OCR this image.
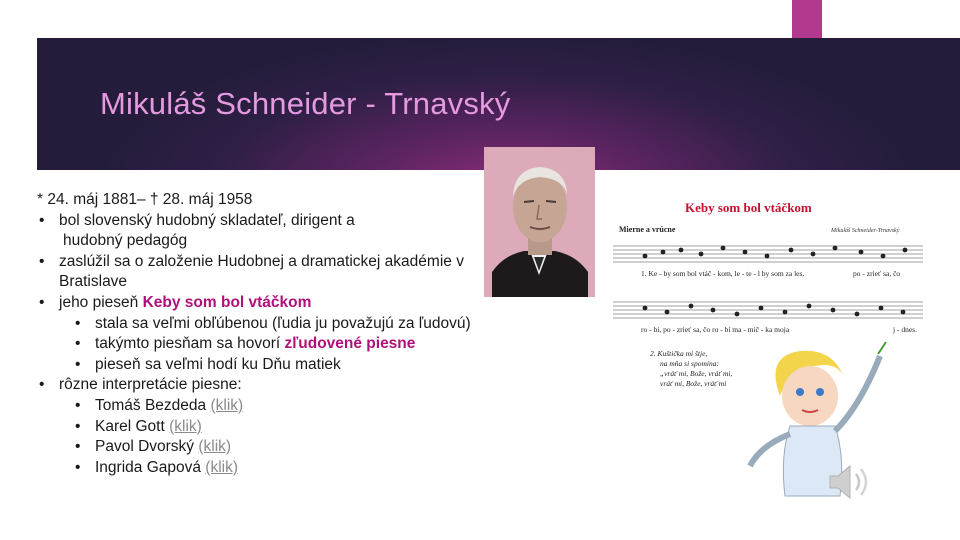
Mikuláš Schneider - Trnavský
* 24. máj 1881– † 28. máj 1958
• bol slovenský hudobný skladateľ, dirigent a
hudobný pedagóg
• zaslúžil sa o založenie Hudobnej a dramatickej akadémie v
Bratislave
• jeho pieseň Keby som bol vtáčkom
• stala sa veľmi obľúbenou (ľudia ju považujú za ľudovú)
• takýmto piesňam sa hovorí zľudovené piesne
• pieseň sa veľmi hodí ku Dňu matiek
• rôzne interpretácie piesne:
• Tomáš Bezdeda (klik)
• Karel Gott (klik)
• Pavol Dvorský (klik)
• Ingrida Gapová (klik)
Keby som bol vtáčkom
Mikuláš Schneider-Trnavský
Mierne a vrúcne
1. Ke - by som bol vtáč - kom, le - te - l by som za les,	po - zrieť sa, čo
ro - bí, po - zrieť sa, čo ro - bí ma - mič - ka moja	j - dnes.
2. Kuštička mi štje,
na mňa si spomína:
„vráť mi, Bože, vráť mi,
vráť mi, Bože, vráť mi
